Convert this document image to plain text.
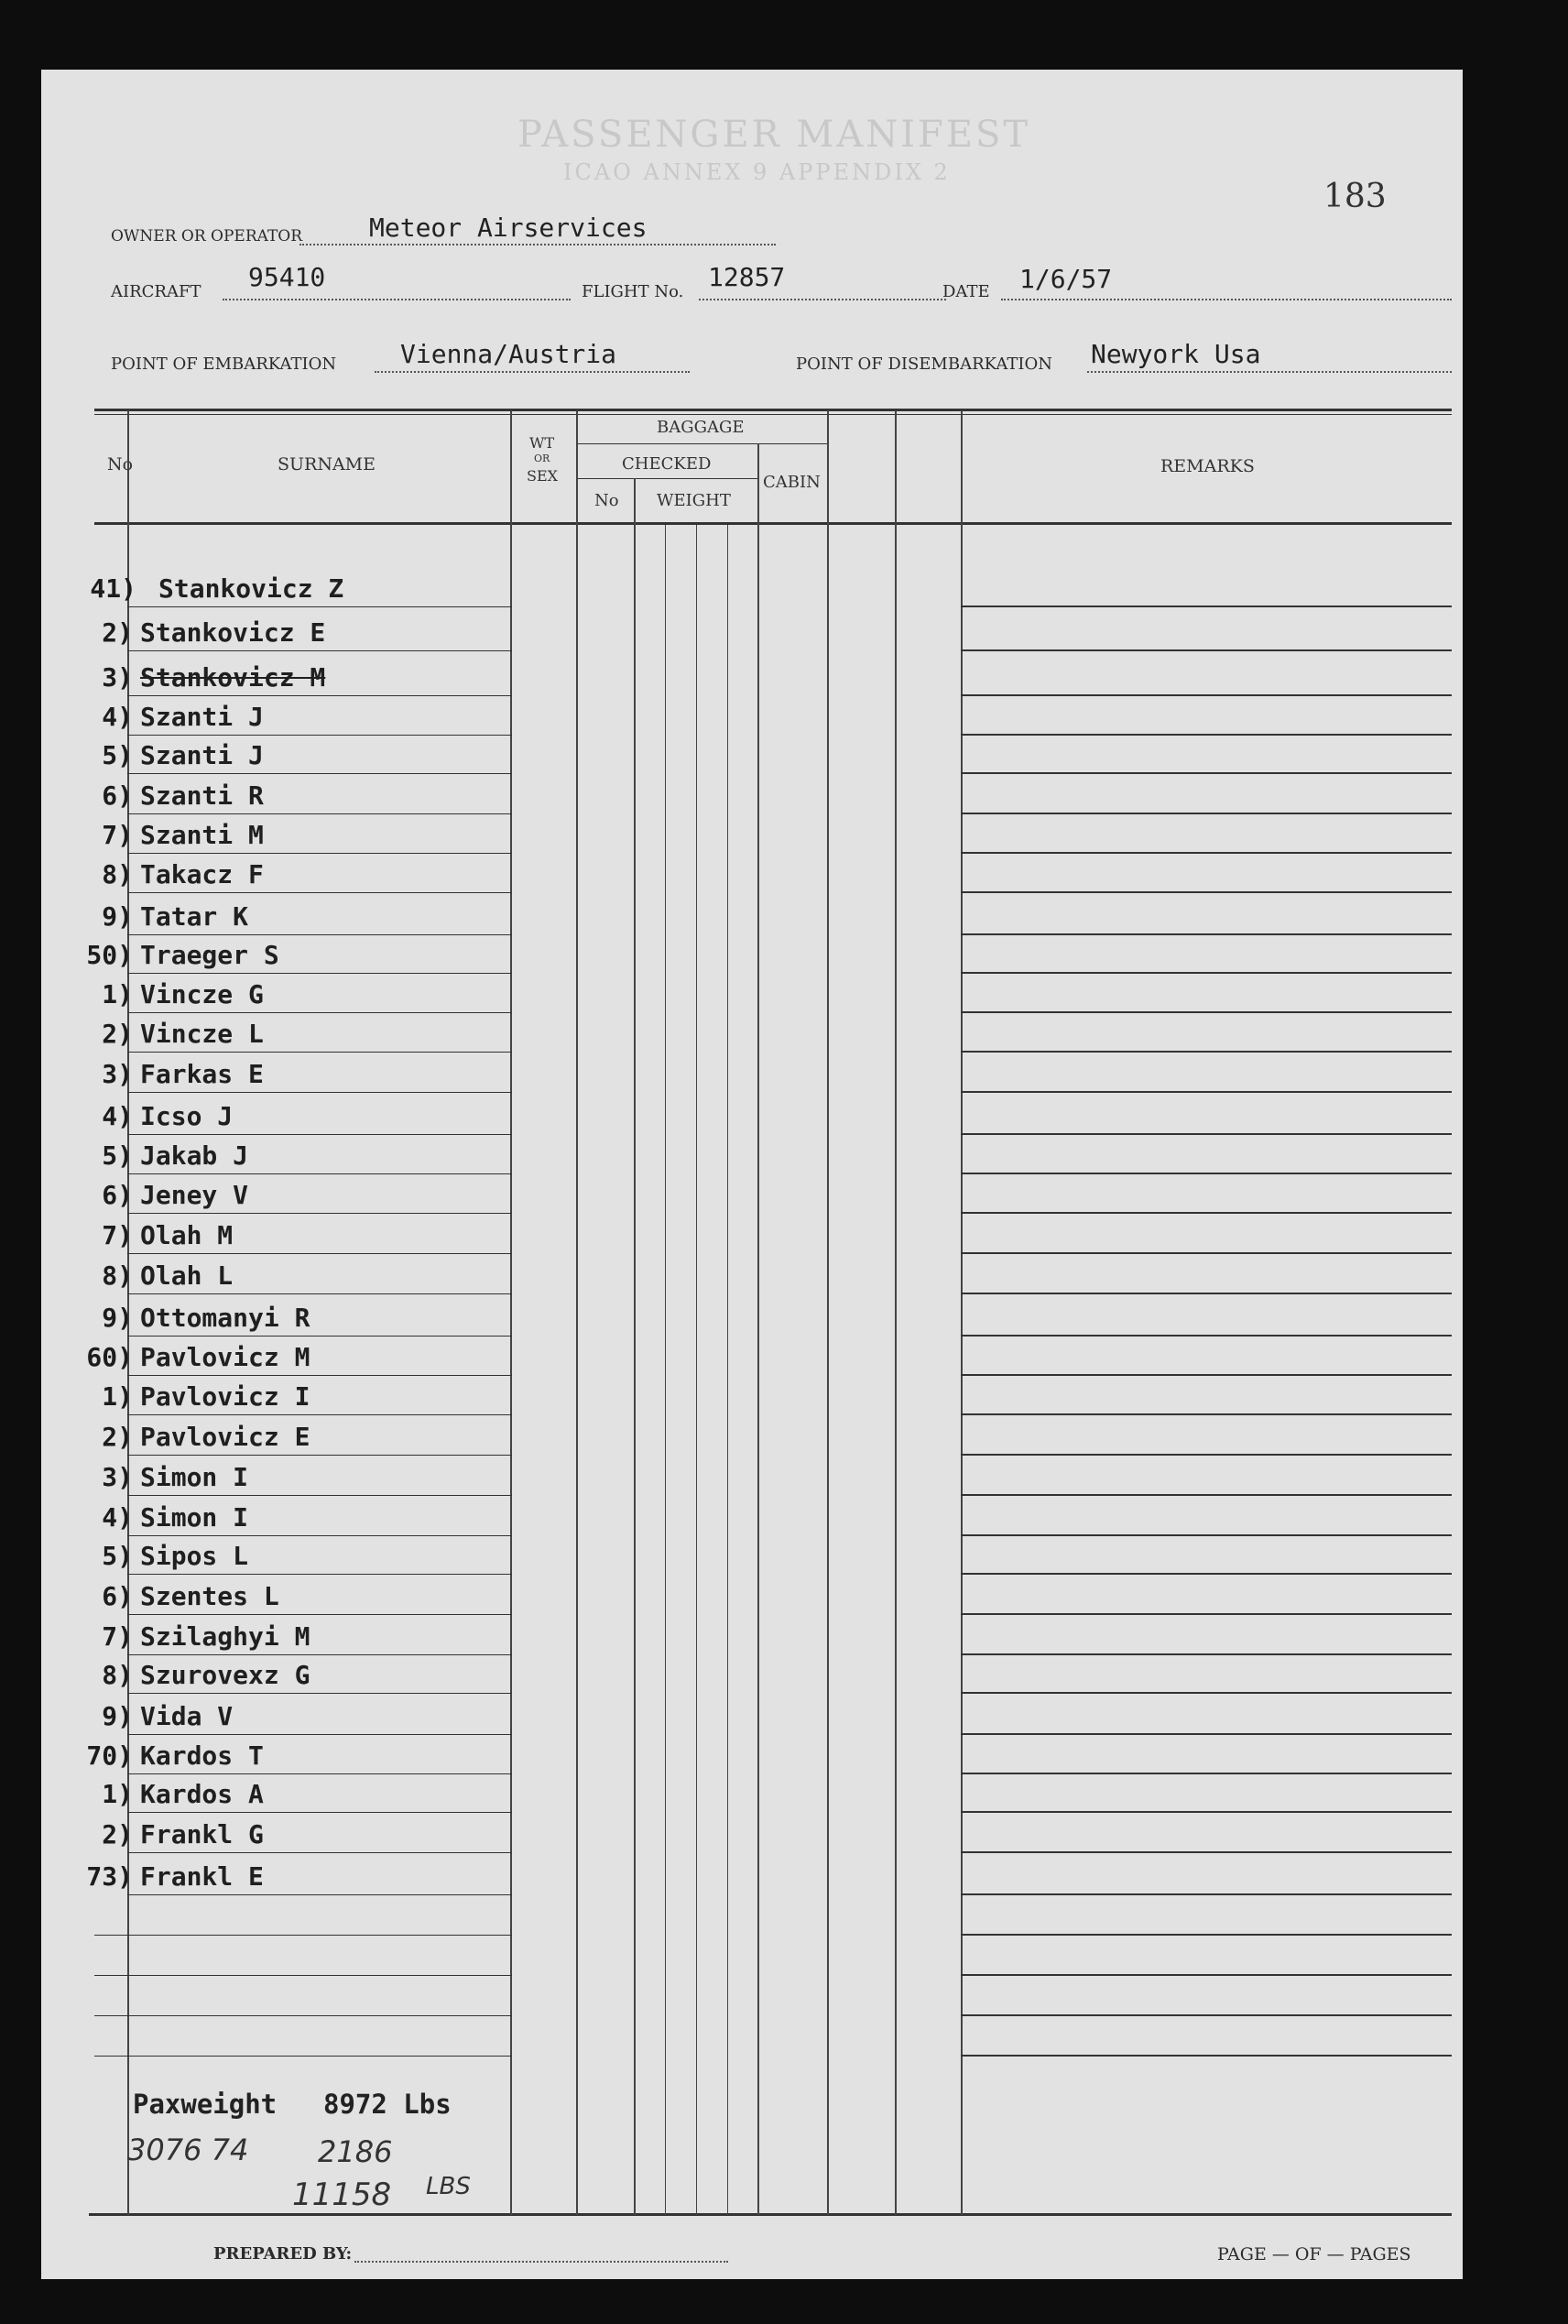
PASSENGER MANIFEST
ICAO ANNEX 9 APPENDIX 2
183
OWNER OR OPERATOR	Meteor Airservices
AIRCRAFT 95410	FLIGHT No. 12857	DATE 1/6/57
POINT OF EMBARKATION Vienna/Austria	POINT OF DISEMBARKATION Newyork Usa
No	SURNAME
WT
OR
SEX
BAGGAGE
CHECKED
No WEIGHT
CABIN
REMARKS
41) Stankovicz Z
2) Stankovicz E
3) Stankovicz M
4) Szanti J
5) Szanti J
6) Szanti R
7) Szanti M
8) Takacz F
9) Tatar K
50) Traeger S
1) Vincze G
2) Vincze L
3) Farkas E
4) Icso J
5) Jakab J
6) Jeney V
7) Olah M
8) Olah L
9) Ottomanyi R
60) Pavlovicz M
1) Pavlovicz I
2) Pavlovicz E
3) Simon I
4) Simon I
5) Sipos L
6) Szentes L
7) Szilaghyi M
8) Szurovexz G
9) Vida V
70) Kardos T
1) Kardos A
2) Frankl G
73) Frankl E
Paxweight 8972 Lbs
3076 74 2186
11158 LBS
PREPARED BY:	PAGE — OF — PAGES
